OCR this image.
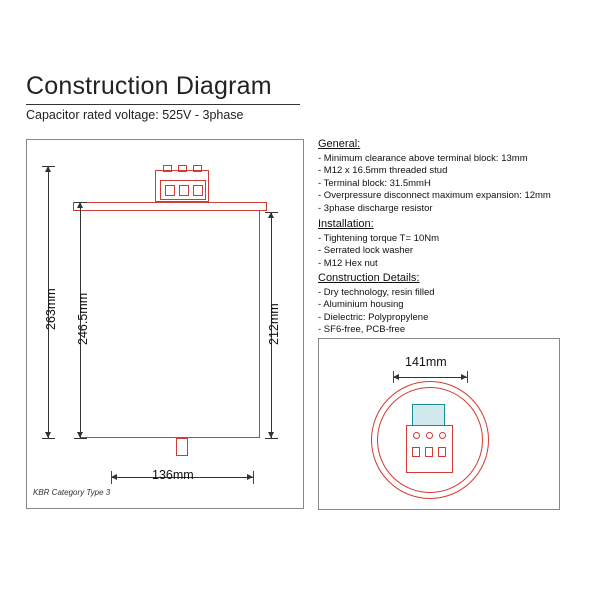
Construction Diagram
Capacitor rated voltage: 525V - 3phase
263mm 246.5mm	212mm
136mm
KBR Category Type 3
General:
- Minimum clearance above terminal block: 13mm
- M12 x 16.5mm threaded stud
- Terminal block: 31.5mmH
- Overpressure disconnect maximum expansion: 12mm
- 3phase discharge resistor
Installation:
- Tightening torque T= 10Nm
- Serrated lock washer
- M12 Hex nut
Construction Details:
- Dry technology, resin filled
- Aluminium housing
- Dielectric: Polypropylene
- SF6-free, PCB-free
141mm
